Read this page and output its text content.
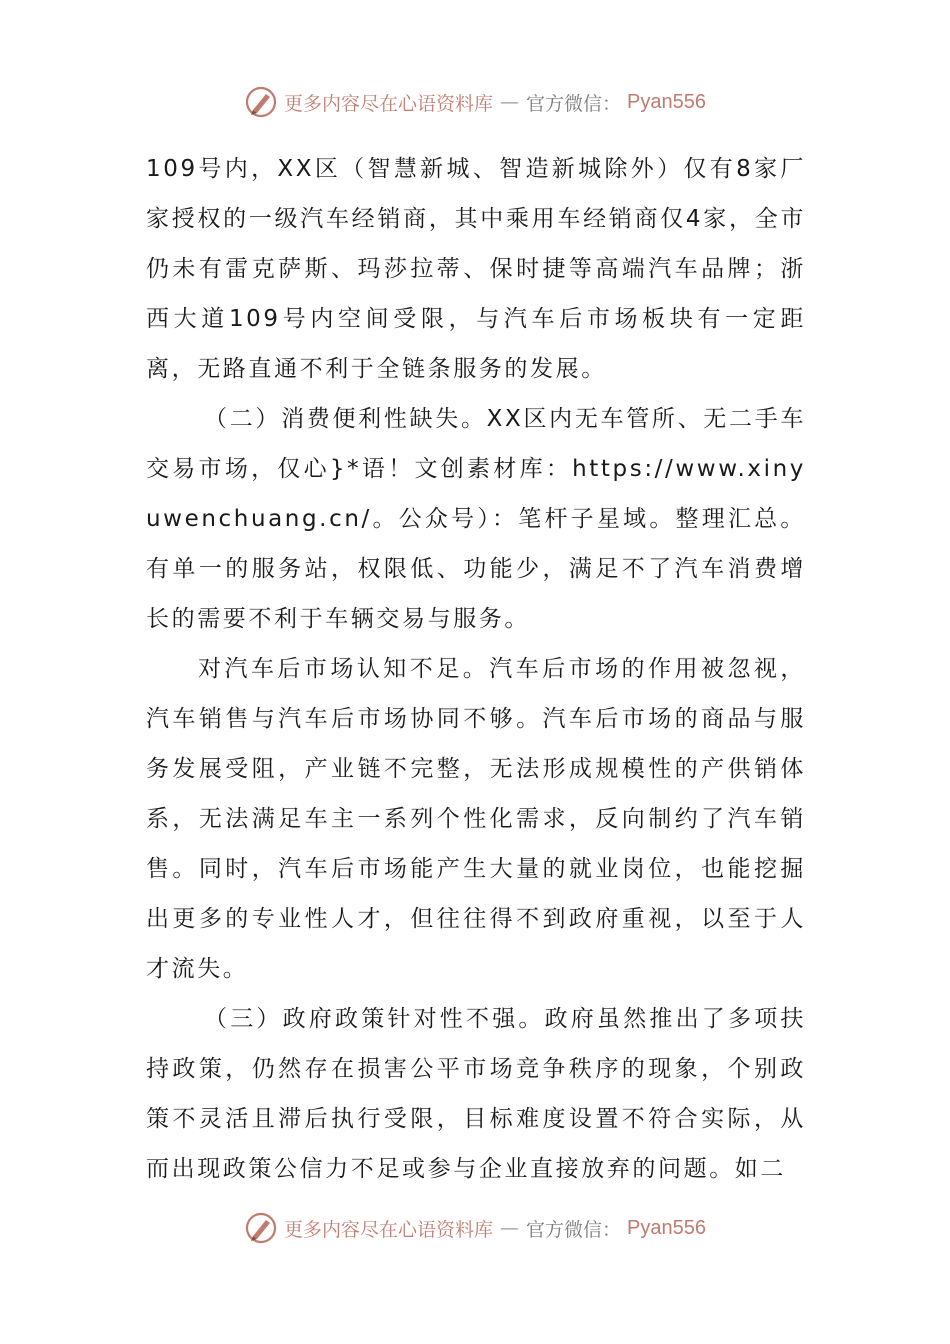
更多内容尽在心语资料库 — 官方微信： Pyan556

109号内，XX区（智慧新城、智造新城除外）仅有8家厂家授权的一级汽车经销商，其中乘用车经销商仅4家，全市仍未有雷克萨斯、玛莎拉蒂、保时捷等高端汽车品牌；浙西大道109号内空间受限，与汽车后市场板块有一定距离，无路直通不利于全链条服务的发展。

（二）消费便利性缺失。XX区内无车管所、无二手车交易市场，仅心}*语！文创素材库：https://www.xinyuwenchuang.cn/。公众号）：笔杆子星域。整理汇总。有单一的服务站，权限低、功能少，满足不了汽车消费增长的需要不利于车辆交易与服务。

对汽车后市场认知不足。汽车后市场的作用被忽视，汽车销售与汽车后市场协同不够。汽车后市场的商品与服务发展受阻，产业链不完整，无法形成规模性的产供销体系，无法满足车主一系列个性化需求，反向制约了汽车销售。同时，汽车后市场能产生大量的就业岗位，也能挖掘出更多的专业性人才，但往往得不到政府重视，以至于人才流失。

（三）政府政策针对性不强。政府虽然推出了多项扶持政策，仍然存在损害公平市场竞争秩序的现象，个别政策不灵活且滞后执行受限，目标难度设置不符合实际，从而出现政策公信力不足或参与企业直接放弃的问题。如二

更多内容尽在心语资料库 — 官方微信： Pyan556
